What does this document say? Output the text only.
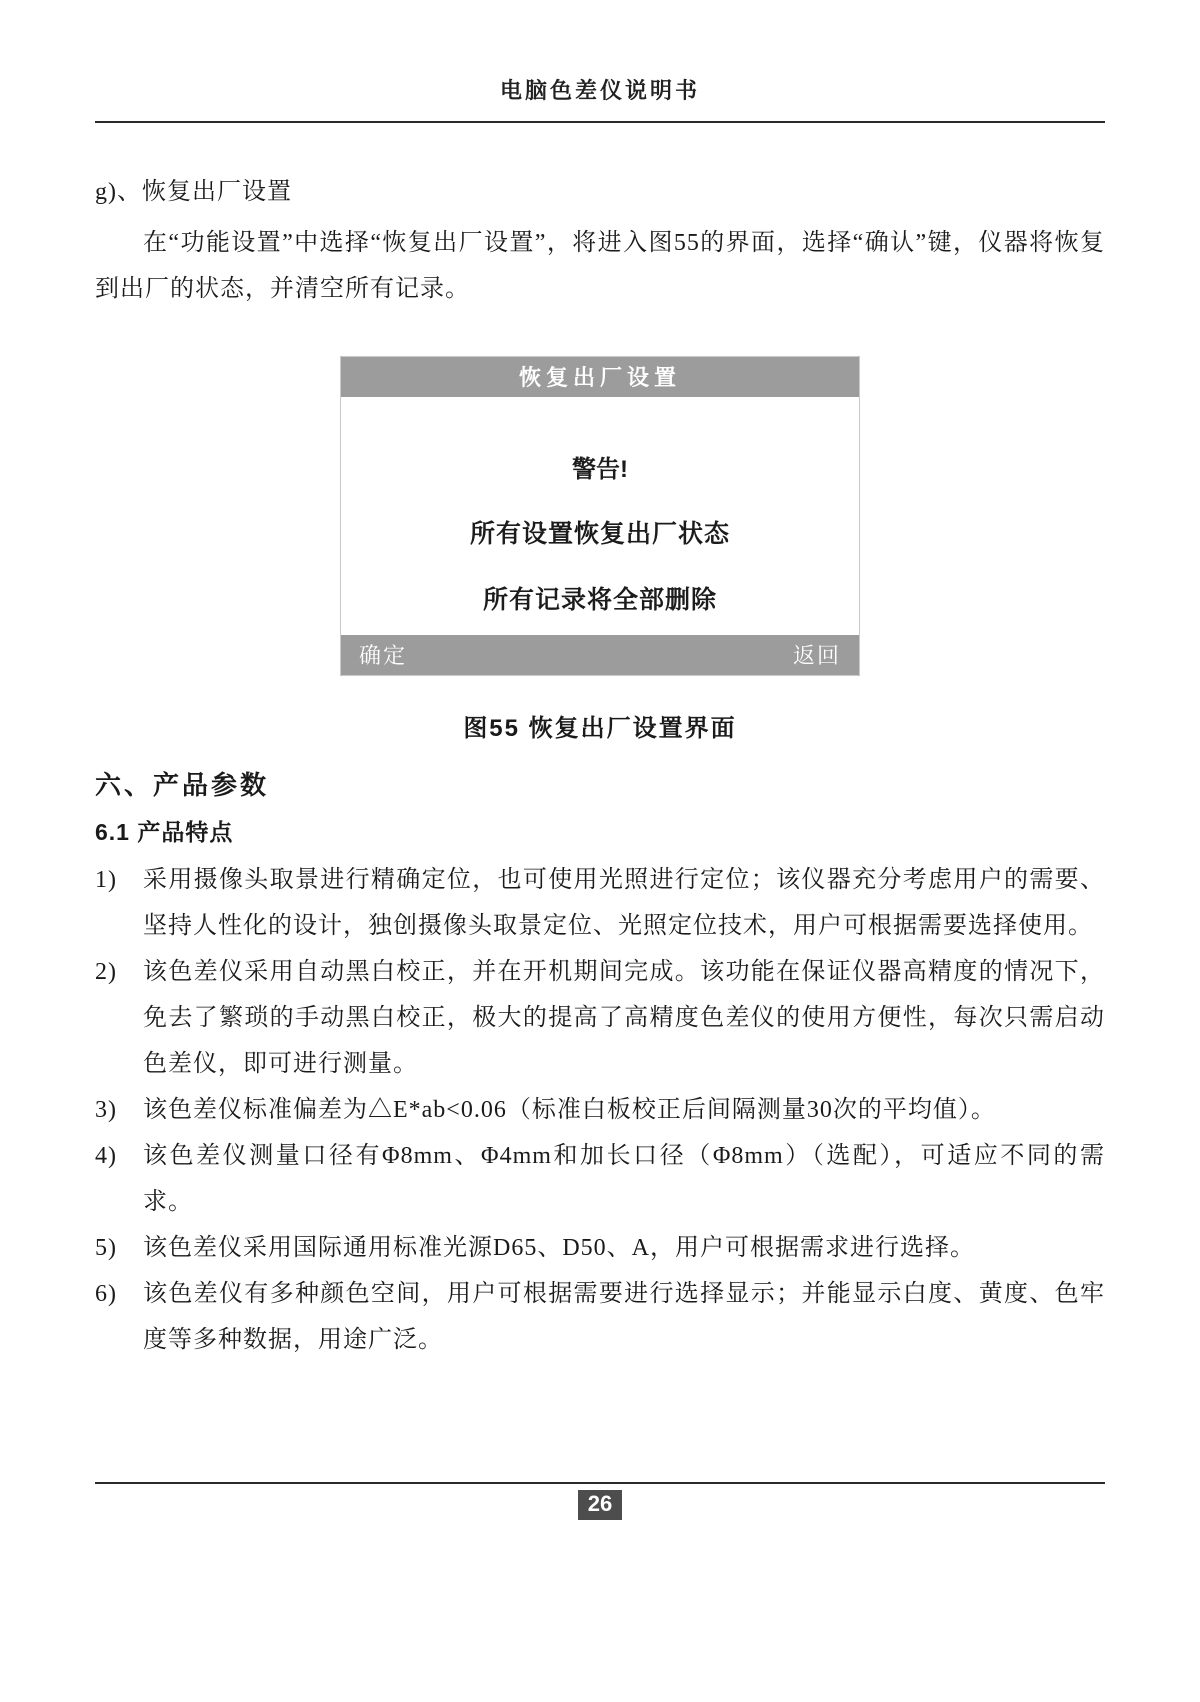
电脑色差仪说明书
g)、恢复出厂设置
在“功能设置”中选择“恢复出厂设置”，将进入图55的界面，选择“确认”键，仪器将恢复到出厂的状态，并清空所有记录。
恢复出厂设置
警告!
所有设置恢复出厂状态
所有记录将全部删除
确定	返回
图55 恢复出厂设置界面
六、产品参数
6.1 产品特点
1)	采用摄像头取景进行精确定位，也可使用光照进行定位；该仪器充分考虑用户的需要、坚持人性化的设计，独创摄像头取景定位、光照定位技术，用户可根据需要选择使用。
2)	该色差仪采用自动黑白校正，并在开机期间完成。该功能在保证仪器高精度的情况下，免去了繁琐的手动黑白校正，极大的提高了高精度色差仪的使用方便性，每次只需启动色差仪，即可进行测量。
3)	该色差仪标准偏差为△E*ab<0.06（标准白板校正后间隔测量30次的平均值）。
4)	该色差仪测量口径有Φ8mm、Φ4mm和加长口径（Φ8mm）（选配），可适应不同的需求。
5)	该色差仪采用国际通用标准光源D65、D50、A，用户可根据需求进行选择。
6)	该色差仪有多种颜色空间，用户可根据需要进行选择显示；并能显示白度、黄度、色牢度等多种数据，用途广泛。
26
